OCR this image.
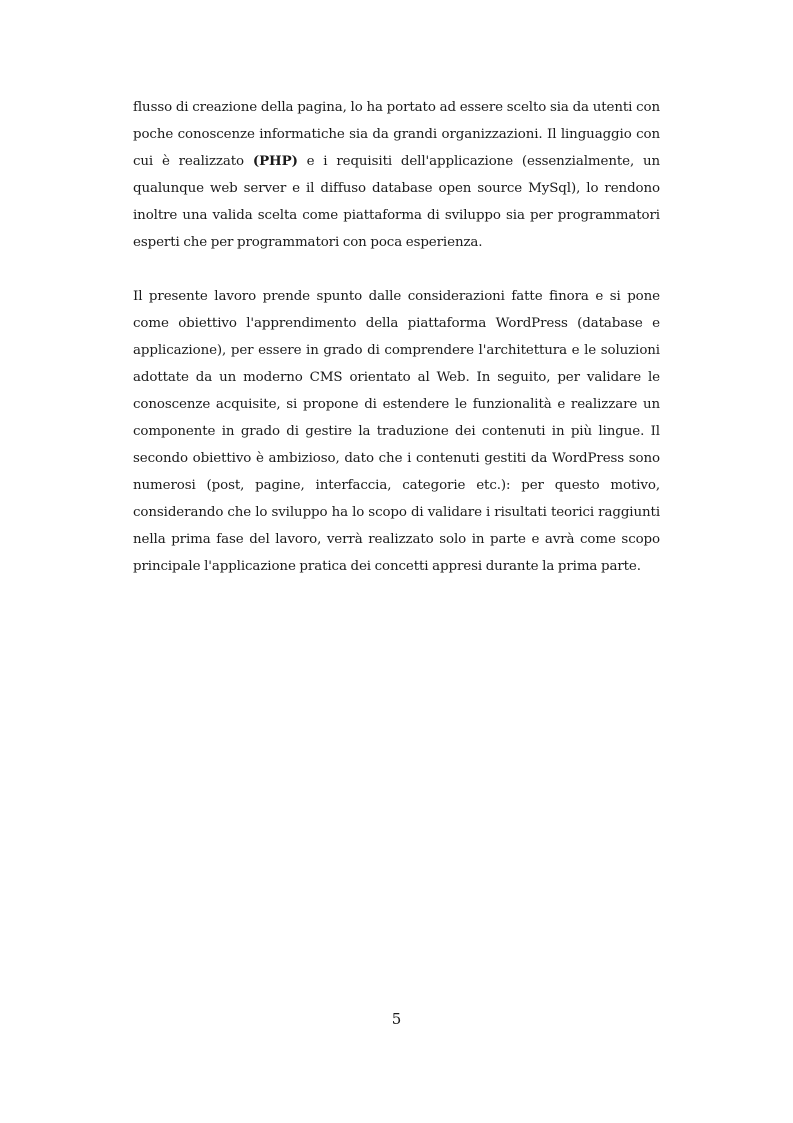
flusso di creazione della pagina, lo ha portato ad essere scelto sia da utenti con poche conoscenze informatiche sia da grandi organizzazioni. Il linguaggio con cui è realizzato (PHP) e i requisiti dell'applicazione (essenzialmente, un qualunque web server e il diffuso database open source MySql), lo rendono inoltre una valida scelta come piattaforma di sviluppo sia per programmatori esperti che per programmatori con poca esperienza.

Il presente lavoro prende spunto dalle considerazioni fatte finora e si pone come obiettivo l'apprendimento della piattaforma WordPress (database e applicazione), per essere in grado di comprendere l'architettura e le soluzioni adottate da un moderno CMS orientato al Web. In seguito, per validare le conoscenze acquisite, si propone di estendere le funzionalità e realizzare un componente in grado di gestire la traduzione dei contenuti in più lingue. Il secondo obiettivo è ambizioso, dato che i contenuti gestiti da WordPress sono numerosi (post, pagine, interfaccia, categorie etc.): per questo motivo, considerando che lo sviluppo ha lo scopo di validare i risultati teorici raggiunti nella prima fase del lavoro, verrà realizzato solo in parte e avrà come scopo principale l'applicazione pratica dei concetti appresi durante la prima parte.

5
